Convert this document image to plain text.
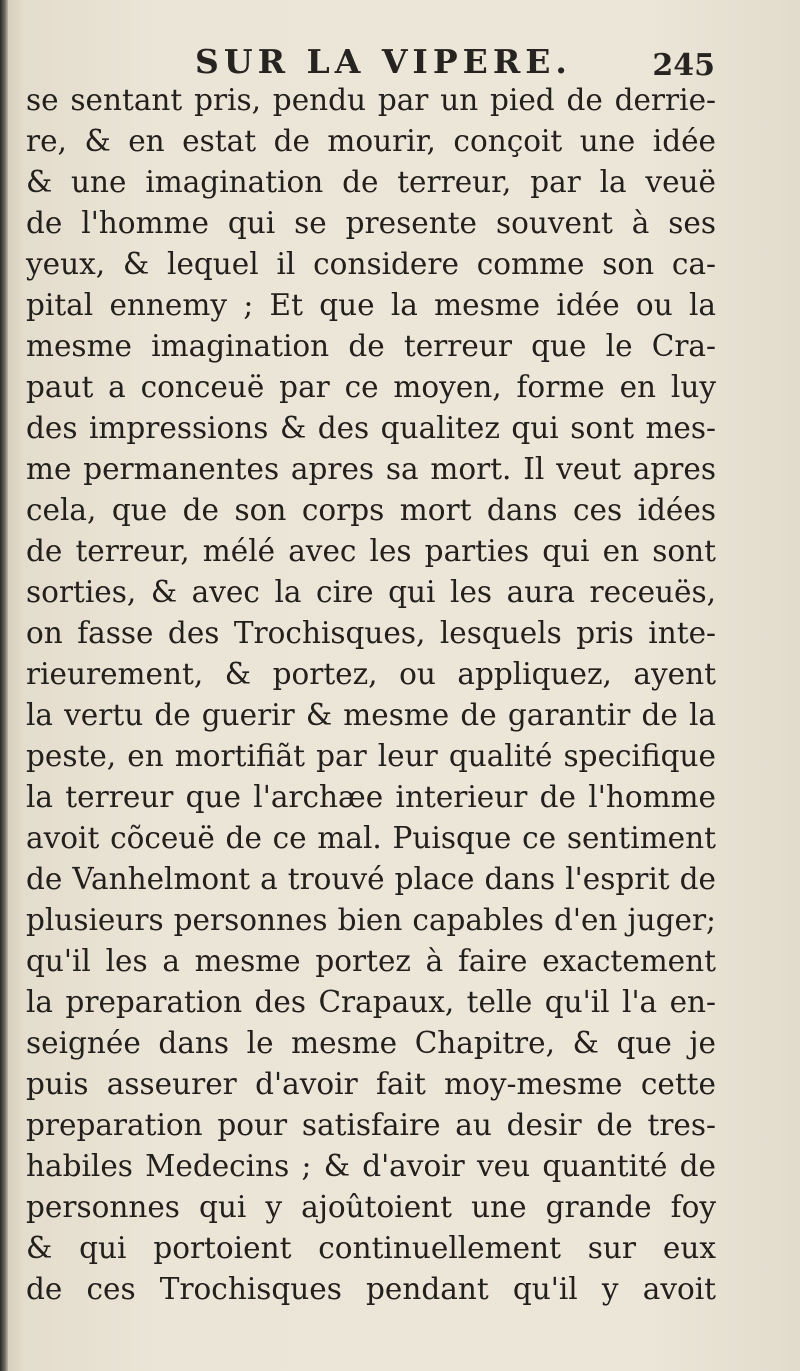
SUR LA VIPERE.	245
se sentant pris, pendu par un pied de derrie-
re, & en estat de mourir, conçoit une idée
& une imagination de terreur, par la veuë
de l'homme qui se presente souvent à ses
yeux, & lequel il considere comme son ca-
pital ennemy ; Et que la mesme idée ou la
mesme imagination de terreur que le Cra-
paut a conceuë par ce moyen, forme en luy
des impressions & des qualitez qui sont mes-
me permanentes apres sa mort. Il veut apres
cela, que de son corps mort dans ces idées
de terreur, mélé avec les parties qui en sont
sorties, & avec la cire qui les aura receuës,
on fasse des Trochisques, lesquels pris inte-
rieurement, & portez, ou appliquez, ayent
la vertu de guerir & mesme de garantir de la
peste, en mortifiãt par leur qualité specifique
la terreur que l'archæe interieur de l'homme
avoit cõceuë de ce mal. Puisque ce sentiment
de Vanhelmont a trouvé place dans l'esprit de
plusieurs personnes bien capables d'en juger;
qu'il les a mesme portez à faire exactement
la preparation des Crapaux, telle qu'il l'a en-
seignée dans le mesme Chapitre, & que je
puis asseurer d'avoir fait moy-mesme cette
preparation pour satisfaire au desir de tres-
habiles Medecins ; & d'avoir veu quantité de
personnes qui y ajoûtoient une grande foy
& qui portoient continuellement sur eux
de ces Trochisques pendant qu'il y avoit
